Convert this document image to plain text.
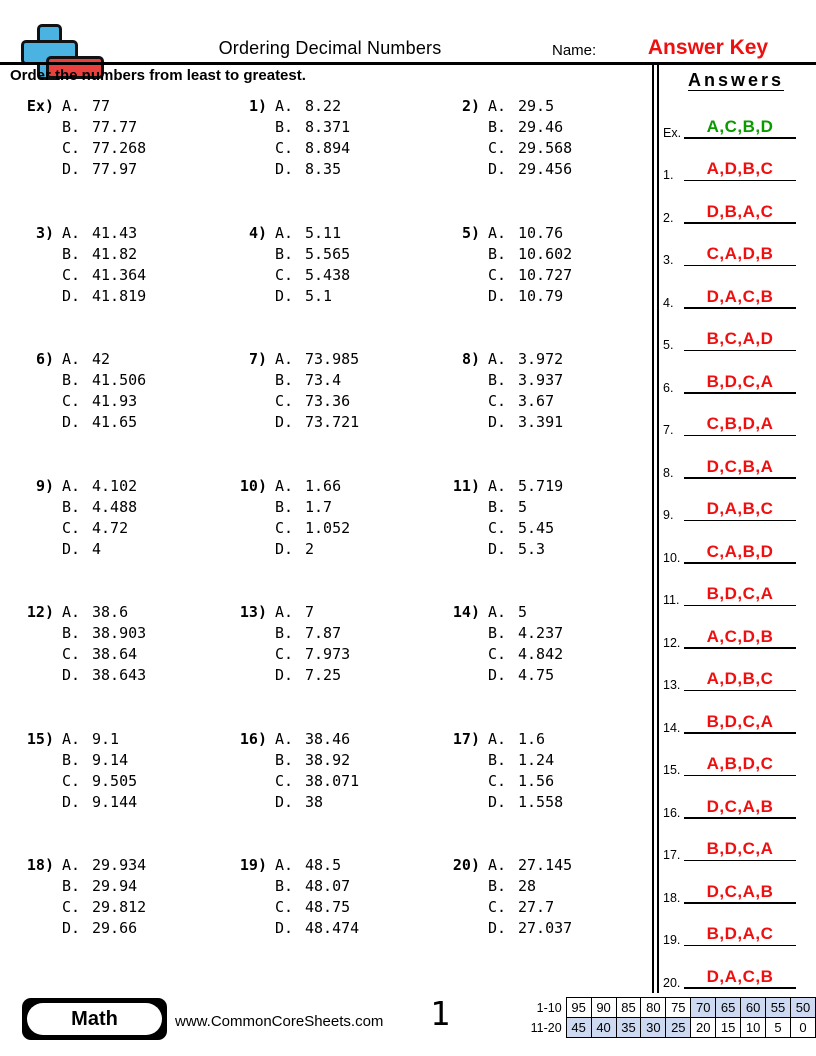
Ordering Decimal Numbers	Name:	Answer Key
Order the numbers from least to greatest.
Ex) A. 77
B. 77.77
C. 77.268
D. 77.97
1) A. 8.22
B. 8.371
C. 8.894
D. 8.35
2) A. 29.5
B. 29.46
C. 29.568
D. 29.456
3) A. 41.43
B. 41.82
C. 41.364
D. 41.819
4) A. 5.11
B. 5.565
C. 5.438
D. 5.1
5) A. 10.76
B. 10.602
C. 10.727
D. 10.79
6) A. 42
B. 41.506
C. 41.93
D. 41.65
7) A. 73.985
B. 73.4
C. 73.36
D. 73.721
8) A. 3.972
B. 3.937
C. 3.67
D. 3.391
9) A. 4.102
B. 4.488
C. 4.72
D. 4
10) A. 1.66
B. 1.7
C. 1.052
D. 2
11) A. 5.719
B. 5
C. 5.45
D. 5.3
12) A. 38.6
B. 38.903
C. 38.64
D. 38.643
13) A. 7
B. 7.87
C. 7.973
D. 7.25
14) A. 5
B. 4.237
C. 4.842
D. 4.75
15) A. 9.1
B. 9.14
C. 9.505
D. 9.144
16) A. 38.46
B. 38.92
C. 38.071
D. 38
17) A. 1.6
B. 1.24
C. 1.56
D. 1.558
18) A. 29.934
B. 29.94
C. 29.812
D. 29.66
19) A. 48.5
B. 48.07
C. 48.75
D. 48.474
20) A. 27.145
B. 28
C. 27.7
D. 27.037
Answers
Ex.	A,C,B,D
1.	A,D,B,C
2.	D,B,A,C
3.	C,A,D,B
4.	D,A,C,B
5.	B,C,A,D
6.	B,D,C,A
7.	C,B,D,A
8.	D,C,B,A
9.	D,A,B,C
10.	C,A,B,D
11.	B,D,C,A
12.	A,C,D,B
13.	A,D,B,C
14.	B,D,C,A
15.	A,B,D,C
16.	D,C,A,B
17.	B,D,C,A
18.	D,C,A,B
19.	B,D,A,C
20.	D,A,C,B
Math	www.CommonCoreSheets.com	1	1-10	95	90	85	80	75	70	65	60	55	50
11-20	45	40	35	30	25	20	15	10	5	0
